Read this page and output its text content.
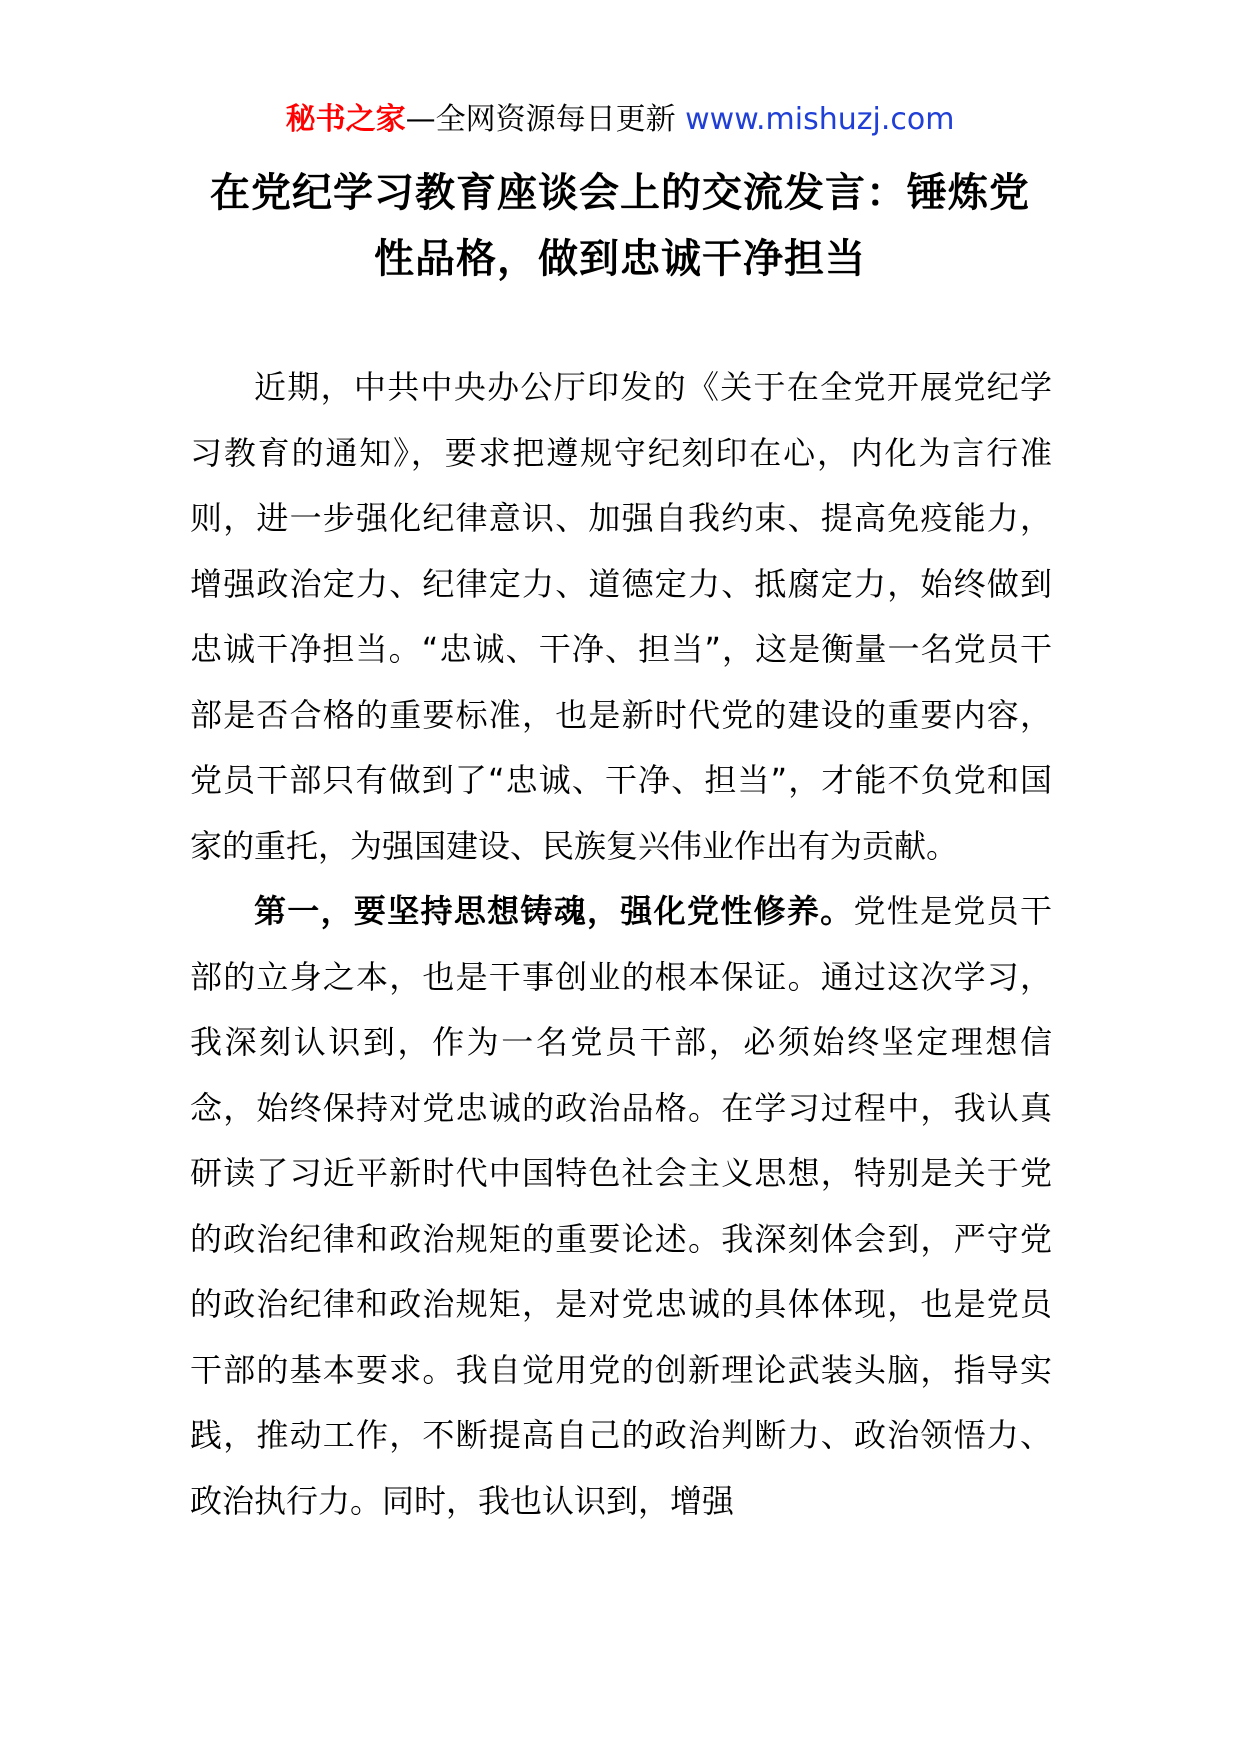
秘书之家—全网资源每日更新 www.mishuzj.com
在党纪学习教育座谈会上的交流发言：锤炼党
性品格，做到忠诚干净担当

近期，中共中央办公厅印发的《关于在全党开展党纪学习教育的通知》，要求把遵规守纪刻印在心，内化为言行准则，进一步强化纪律意识、加强自我约束、提高免疫能力，增强政治定力、纪律定力、道德定力、抵腐定力，始终做到忠诚干净担当。“忠诚、干净、担当”，这是衡量一名党员干部是否合格的重要标准，也是新时代党的建设的重要内容，党员干部只有做到了“忠诚、干净、担当”，才能不负党和国家的重托，为强国建设、民族复兴伟业作出有为贡献。

第一，要坚持思想铸魂，强化党性修养。党性是党员干部的立身之本，也是干事创业的根本保证。通过这次学习，我深刻认识到，作为一名党员干部，必须始终坚定理想信念，始终保持对党忠诚的政治品格。在学习过程中，我认真研读了习近平新时代中国特色社会主义思想，特别是关于党的政治纪律和政治规矩的重要论述。我深刻体会到，严守党的政治纪律和政治规矩，是对党忠诚的具体体现，也是党员干部的基本要求。我自觉用党的创新理论武装头脑，指导实践，推动工作，不断提高自己的政治判断力、政治领悟力、政治执行力。同时，我也认识到，增强
